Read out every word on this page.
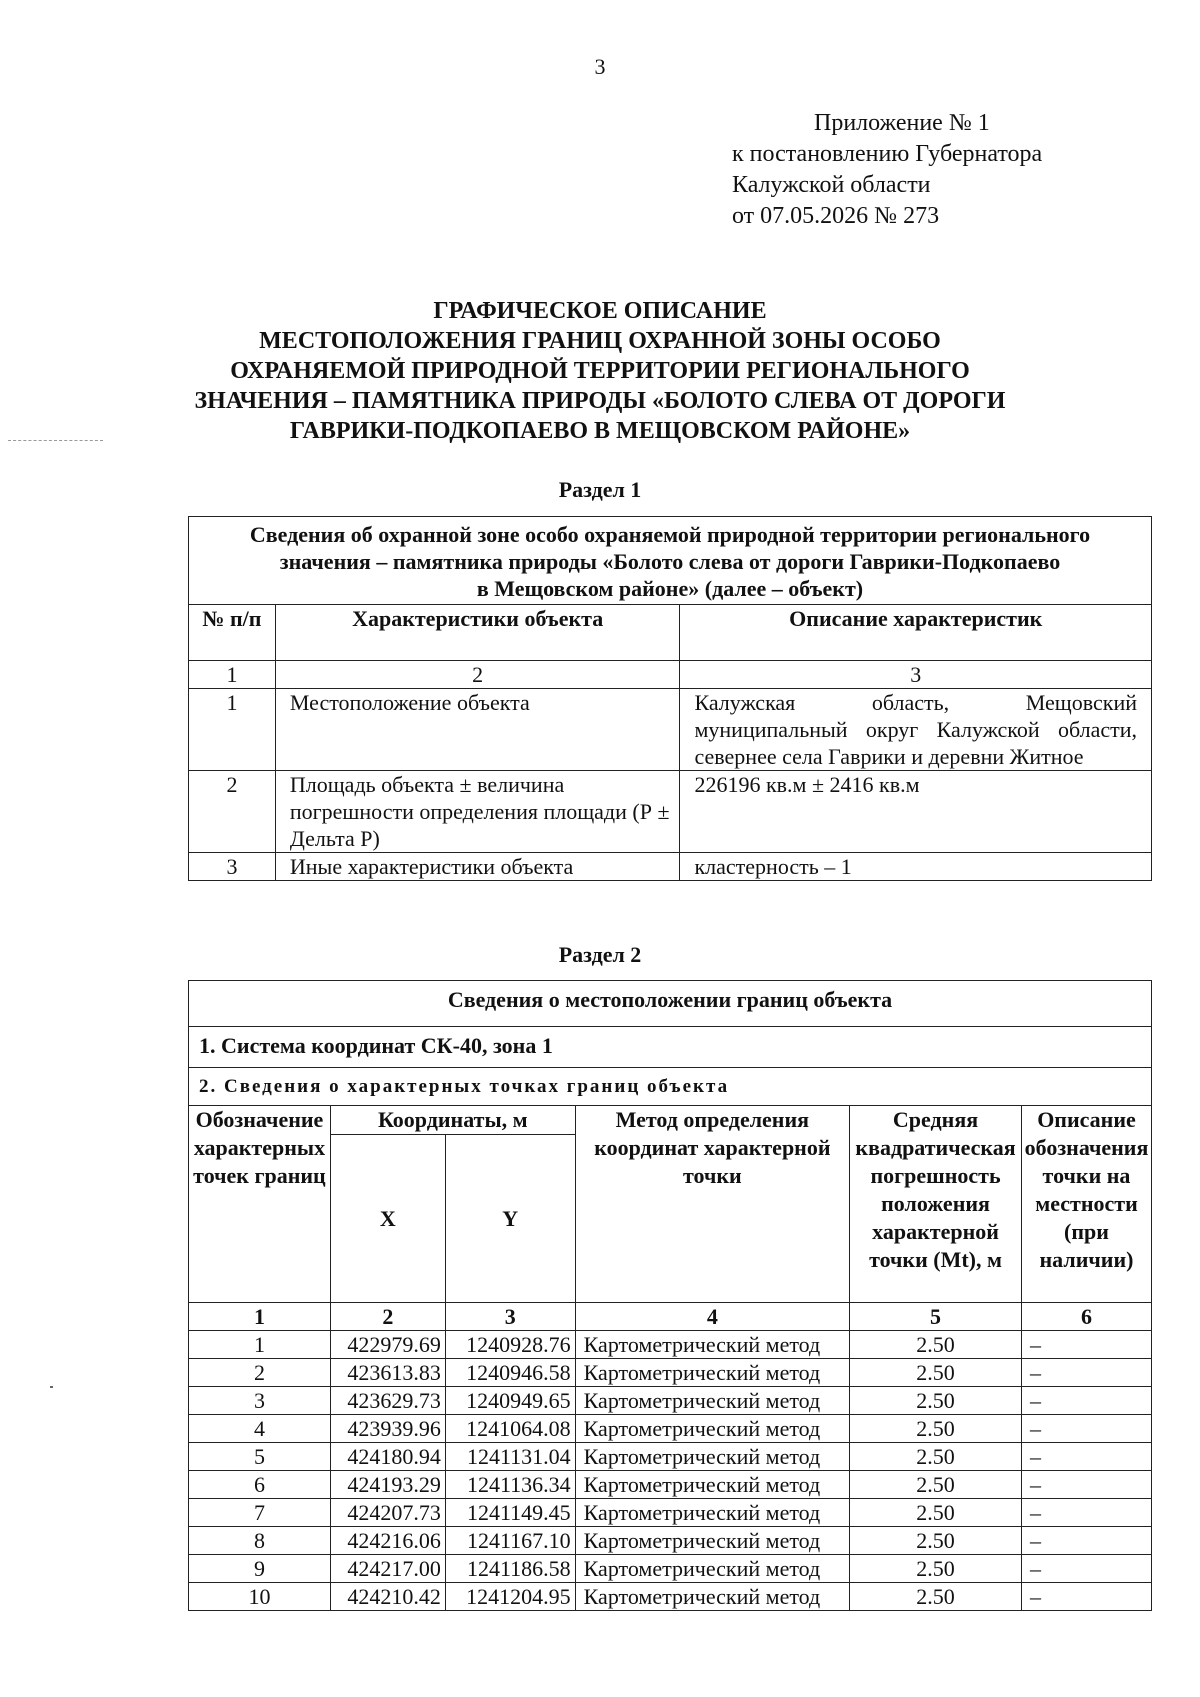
3
Приложение № 1
к постановлению Губернатора
Калужской области
от 07.05.2026 № 273
ГРАФИЧЕСКОЕ ОПИСАНИЕ
МЕСТОПОЛОЖЕНИЯ ГРАНИЦ ОХРАННОЙ ЗОНЫ ОСОБО
ОХРАНЯЕМОЙ ПРИРОДНОЙ ТЕРРИТОРИИ РЕГИОНАЛЬНОГО
ЗНАЧЕНИЯ – ПАМЯТНИКА ПРИРОДЫ «БОЛОТО СЛЕВА ОТ ДОРОГИ
ГАВРИКИ-ПОДКОПАЕВО В МЕЩОВСКОМ РАЙОНЕ»
Раздел 1
Сведения об охранной зоне особо охраняемой природной территории регионального
значения – памятника природы «Болото слева от дороги Гаврики-Подкопаево
в Мещовском районе» (далее – объект)		

№ п/п	Характеристики объекта	Описание характеристик
1	2	3
1	Местоположение объекта	Калужская область, Мещовский муниципальный округ Калужской области, севернее села Гаврики и деревни Житное
2	Площадь объекта ± величина погрешности определения площади (Р ± Дельта Р)	226196 кв.м ± 2416 кв.м
3	Иные характеристики объекта	кластерность – 1
Раздел 2
Сведения о местоположении границ объекта					
1. Система координат СК-40, зона 1					
2. Сведения о характерных точках границ объекта					
Обозначение характерных точек границ	Координаты, м		Метод определения координат характерной точки	Средняя квадратическая погрешность положения характерной точки (Mt), м	Описание обозначения точки на местности (при наличии)
	X	Y			
1	2	3	4	5	6
1	422979.69	1240928.76	Картометрический метод	2.50	–
2	423613.83	1240946.58	Картометрический метод	2.50	–
3	423629.73	1240949.65	Картометрический метод	2.50	–
4	423939.96	1241064.08	Картометрический метод	2.50	–
5	424180.94	1241131.04	Картометрический метод	2.50	–
6	424193.29	1241136.34	Картометрический метод	2.50	–
7	424207.73	1241149.45	Картометрический метод	2.50	–
8	424216.06	1241167.10	Картометрический метод	2.50	–
9	424217.00	1241186.58	Картометрический метод	2.50	–
10	424210.42	1241204.95	Картометрический метод	2.50	–
